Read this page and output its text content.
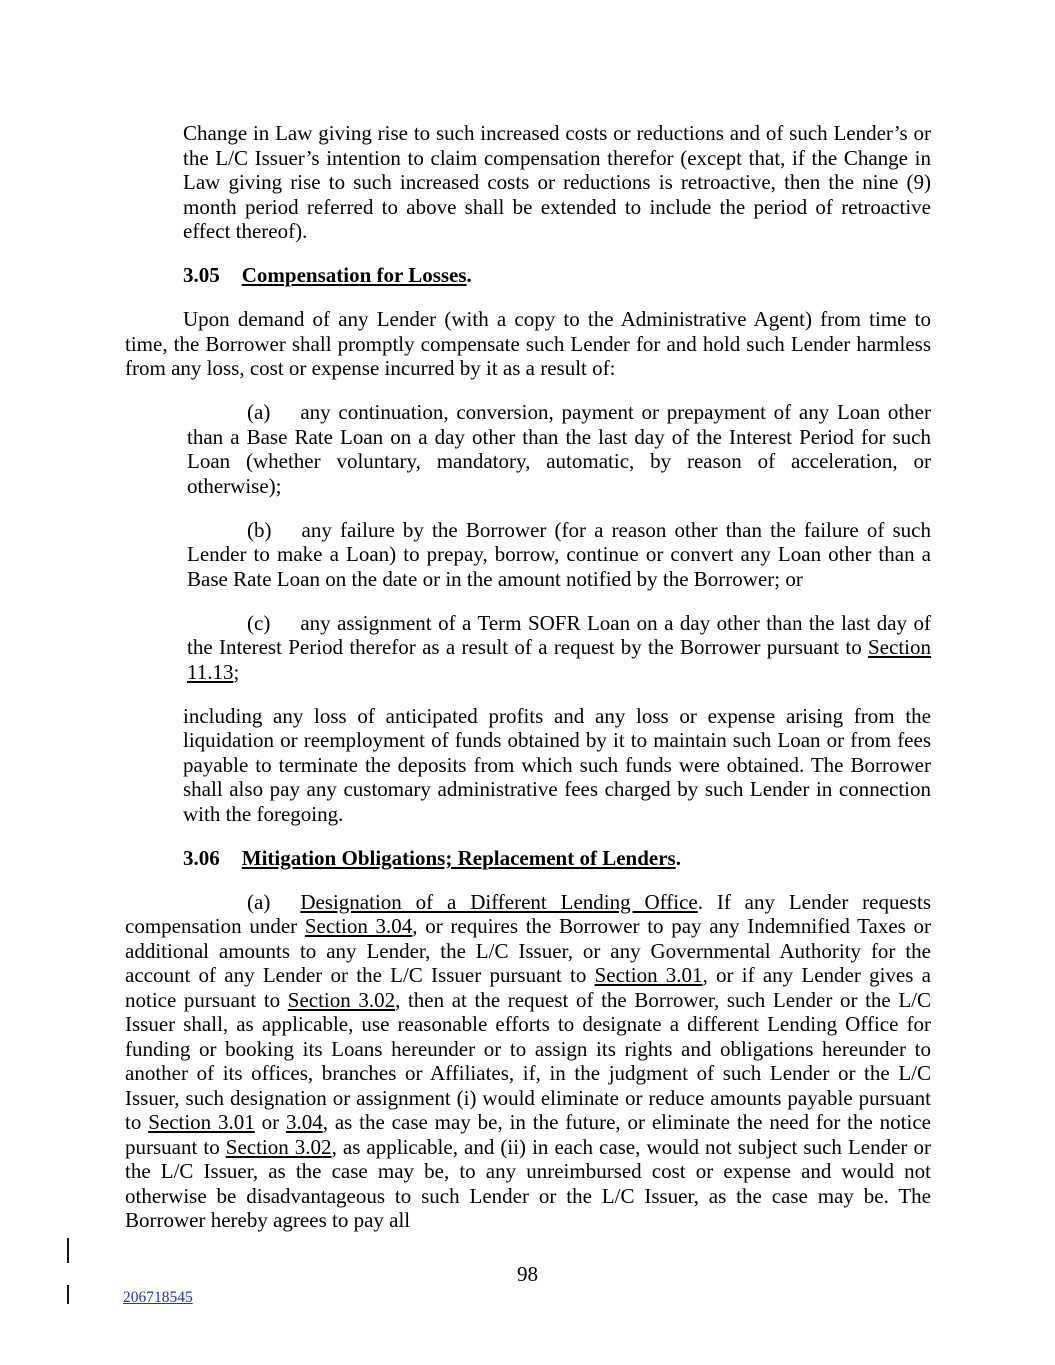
Change in Law giving rise to such increased costs or reductions and of such Lender’s or the L/C Issuer’s intention to claim compensation therefor (except that, if the Change in Law giving rise to such increased costs or reductions is retroactive, then the nine (9) month period referred to above shall be extended to include the period of retroactive effect thereof).

3.05 Compensation for Losses.

Upon demand of any Lender (with a copy to the Administrative Agent) from time to time, the Borrower shall promptly compensate such Lender for and hold such Lender harmless from any loss, cost or expense incurred by it as a result of:

(a) any continuation, conversion, payment or prepayment of any Loan other than a Base Rate Loan on a day other than the last day of the Interest Period for such Loan (whether voluntary, mandatory, automatic, by reason of acceleration, or otherwise);

(b) any failure by the Borrower (for a reason other than the failure of such Lender to make a Loan) to prepay, borrow, continue or convert any Loan other than a Base Rate Loan on the date or in the amount notified by the Borrower; or

(c) any assignment of a Term SOFR Loan on a day other than the last day of the Interest Period therefor as a result of a request by the Borrower pursuant to Section 11.13;

including any loss of anticipated profits and any loss or expense arising from the liquidation or reemployment of funds obtained by it to maintain such Loan or from fees payable to terminate the deposits from which such funds were obtained. The Borrower shall also pay any customary administrative fees charged by such Lender in connection with the foregoing.

3.06 Mitigation Obligations; Replacement of Lenders.

(a) Designation of a Different Lending Office. If any Lender requests compensation under Section 3.04, or requires the Borrower to pay any Indemnified Taxes or additional amounts to any Lender, the L/C Issuer, or any Governmental Authority for the account of any Lender or the L/C Issuer pursuant to Section 3.01, or if any Lender gives a notice pursuant to Section 3.02, then at the request of the Borrower, such Lender or the L/C Issuer shall, as applicable, use reasonable efforts to designate a different Lending Office for funding or booking its Loans hereunder or to assign its rights and obligations hereunder to another of its offices, branches or Affiliates, if, in the judgment of such Lender or the L/C Issuer, such designation or assignment (i) would eliminate or reduce amounts payable pursuant to Section 3.01 or 3.04, as the case may be, in the future, or eliminate the need for the notice pursuant to Section 3.02, as applicable, and (ii) in each case, would not subject such Lender or the L/C Issuer, as the case may be, to any unreimbursed cost or expense and would not otherwise be disadvantageous to such Lender or the L/C Issuer, as the case may be. The Borrower hereby agrees to pay all

98
206718545
